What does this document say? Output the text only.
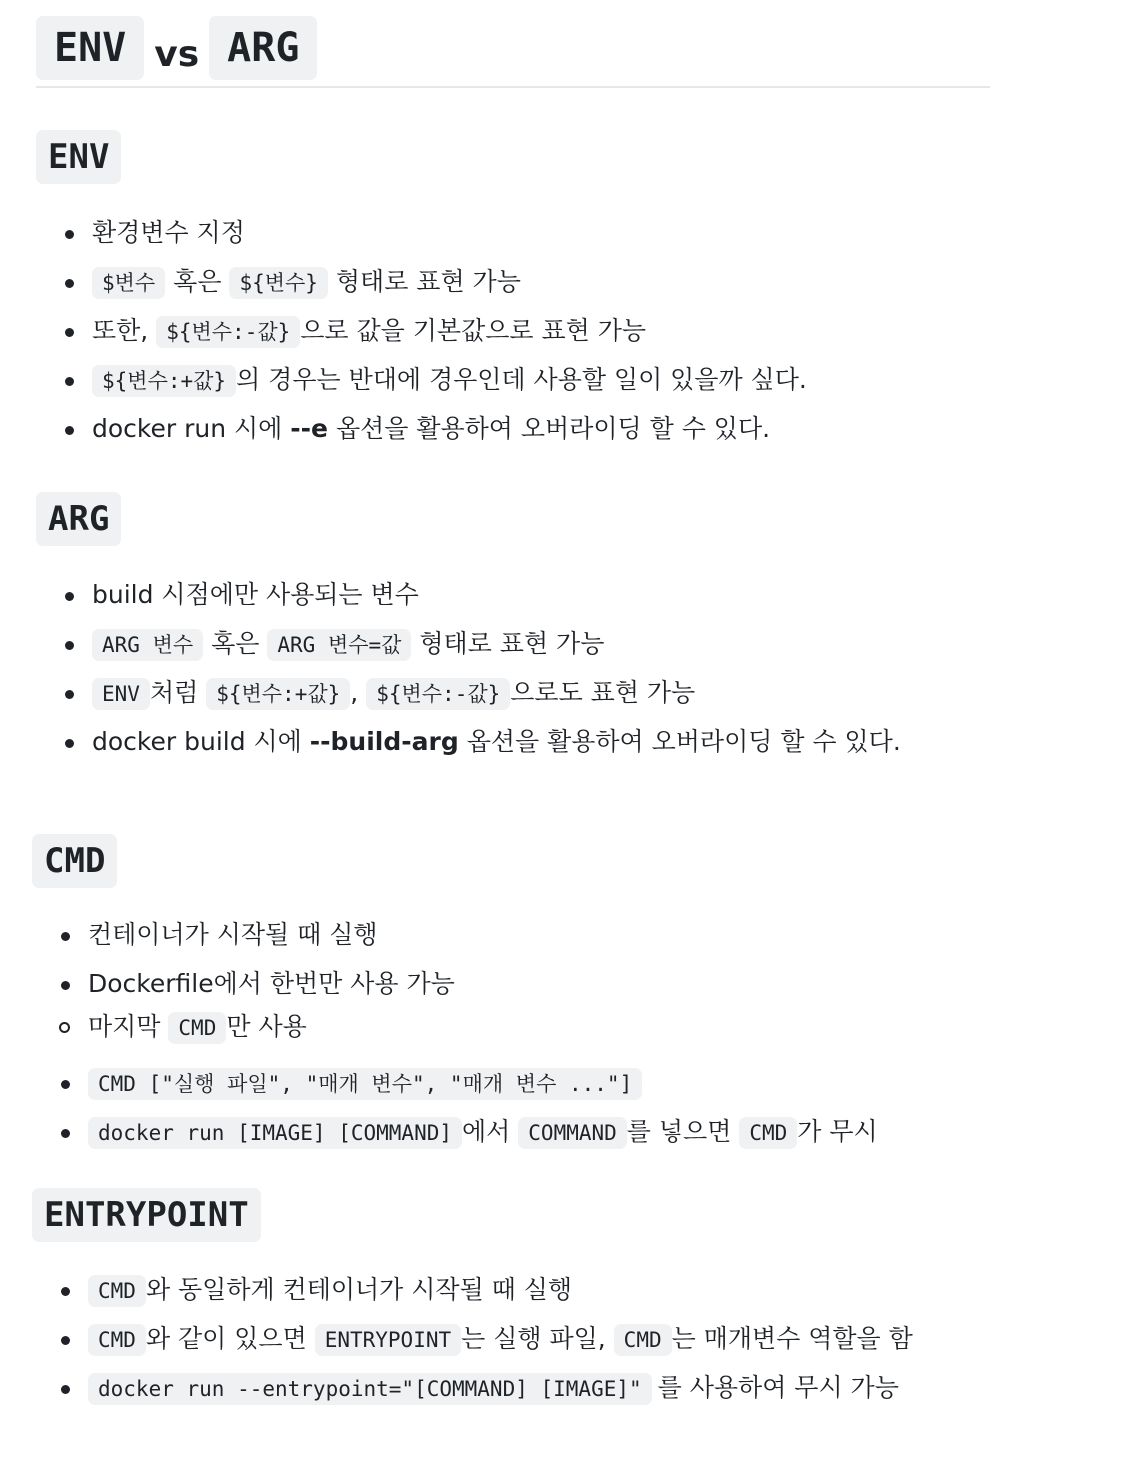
ENV vs ARG
ENV
환경변수 지정
$변수 혹은 ${변수} 형태로 표현 가능
또한, ${변수:-값} 으로 값을 기본값으로 표현 가능
${변수:+값} 의 경우는 반대에 경우인데 사용할 일이 있을까 싶다.
docker run 시에 --e 옵션을 활용하여 오버라이딩 할 수 있다.
ARG
build 시점에만 사용되는 변수
ARG 변수 혹은 ARG 변수=값 형태로 표현 가능
ENV 처럼 ${변수:+값} , ${변수:-값} 으로도 표현 가능
docker build 시에 --build-arg 옵션을 활용하여 오버라이딩 할 수 있다.
CMD
컨테이너가 시작될 때 실행
Dockerfile에서 한번만 사용 가능
마지막 CMD 만 사용
CMD ["실행 파일", "매개 변수", "매개 변수 ..."]
docker run [IMAGE] [COMMAND] 에서 COMMAND 를 넣으면 CMD 가 무시
ENTRYPOINT
CMD 와 동일하게 컨테이너가 시작될 때 실행
CMD 와 같이 있으면 ENTRYPOINT 는 실행 파일, CMD 는 매개변수 역할을 함
docker run --entrypoint="[COMMAND] [IMAGE]" 를 사용하여 무시 가능
